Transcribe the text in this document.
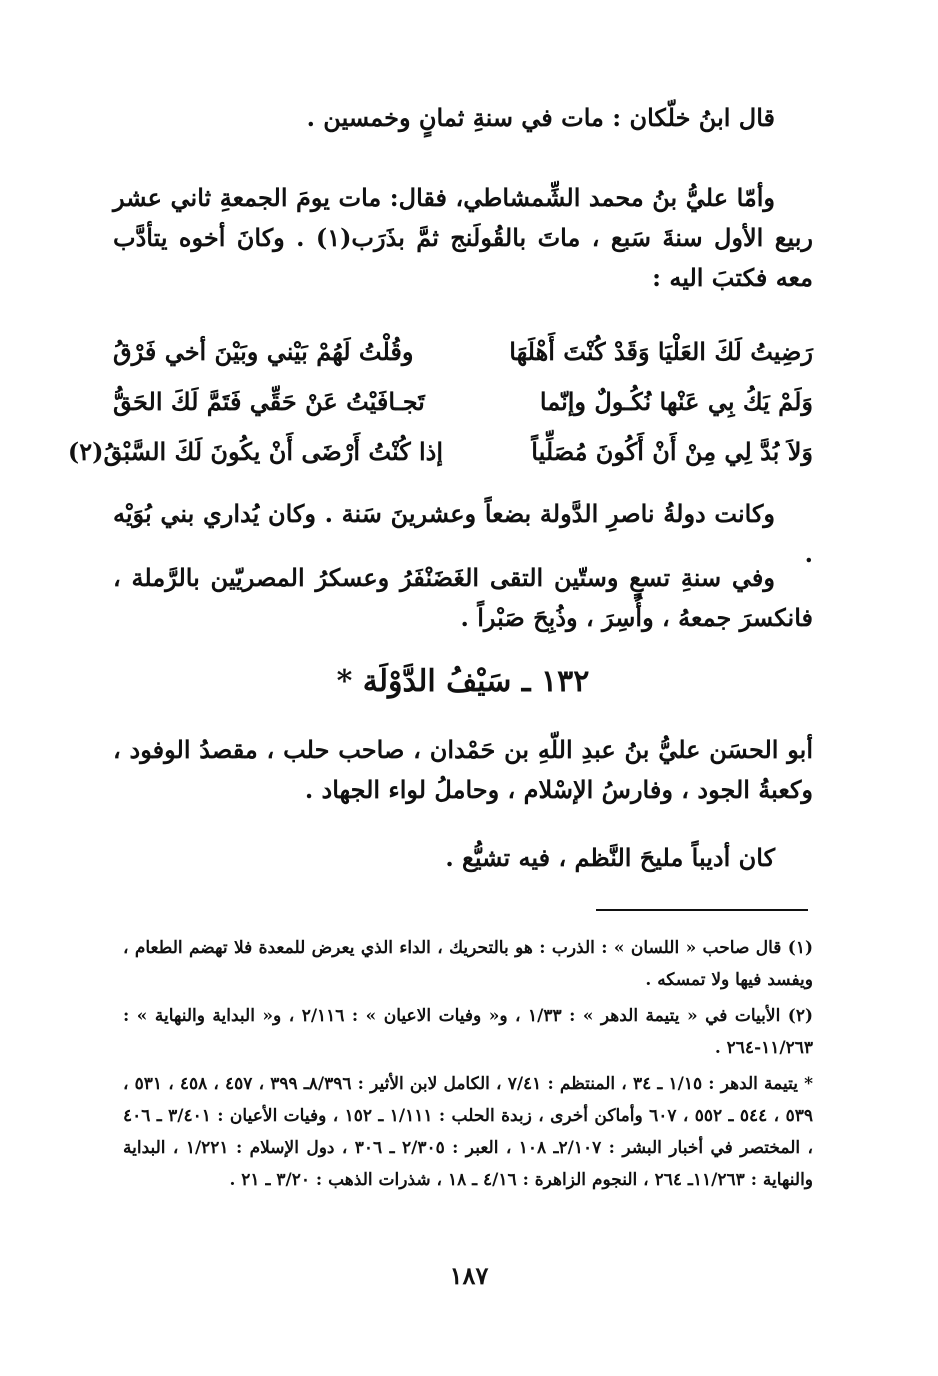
قال ابنُ خلّكان : مات في سنةِ ثمانٍ وخمسين .

وأمّا عليُّ بنُ محمد الشِّمشاطي، فقال: مات يومَ الجمعةِ ثاني عشر ربيع الأول سنةَ سَبع ، ماتَ بالقُولَنج ثمَّ بذَرَب(١) . وكانَ أخوه يتأدَّب معه فكتبَ اليه :

رَضِيتُ لَكَ العَلْيَا وَقَدْ كُنْتَ أَهْلَهَا
وقُلْتُ لَهُمْ بَيْني وبَيْنَ أخي فَرْقُ
وَلَمْ يَكُ بِي عَنْها نُكُـولٌ وإنّما
تَجـافَيْتُ عَنْ حَقِّي فَتَمَّ لَكَ الحَقُّ
وَلاَ بُدَّ لِي مِنْ أَنْ أَكُونَ مُصَلِّياً
إذا كُنْتُ أَرْضَى أَنْ يكُونَ لَكَ السَّبْقُ(٢)

وكانت دولةُ ناصرِ الدَّولة بضعاً وعشرينَ سَنة . وكان يُداري بني بُوَيْه .

وفي سنةِ تسعٍ وستّين التقى الغَضَنْفَرُ وعسكرُ المصريّين بالرَّملة ، فانكسرَ جمعهُ ، وأُسِرَ ، وذُبِحَ صَبْراً .

١٣٢ ـ سَيْفُ الدَّوْلَة *

أبو الحسَن عليُّ بنُ عبدِ اللّهِ بن حَمْدان ، صاحب حلب ، مقصدُ الوفود ، وكعبةُ الجود ، وفارسُ الإسْلام ، وحاملُ لواء الجهاد .

كان أديباً مليحَ النَّظم ، فيه تشيُّع .

(١) قال صاحب « اللسان » : الذرب : هو بالتحريك ، الداء الذي يعرض للمعدة فلا تهضم الطعام ، ويفسد فيها ولا تمسكه .

(٢) الأبيات في « يتيمة الدهر » : ١/٣٣ ، و« وفيات الاعيان » : ٢/١١٦ ، و« البداية والنهاية » : ١١/٢٦٣-٢٦٤ .

* يتيمة الدهر : ١/١٥ ـ ٣٤ ، المنتظم : ٧/٤١ ، الكامل لابن الأثير : ٨/٣٩٦ـ ٣٩٩ ، ٤٥٧ ، ٤٥٨ ، ٥٣١ ، ٥٣٩ ، ٥٤٤ ـ ٥٥٢ ، ٦٠٧ وأماكن أخرى ، زبدة الحلب : ١/١١١ ـ ١٥٢ ، وفيات الأعيان : ٣/٤٠١ ـ ٤٠٦ ، المختصر في أخبار البشر : ٢/١٠٧ـ ١٠٨ ، العبر : ٢/٣٠٥ ـ ٣٠٦ ، دول الإسلام : ١/٢٢١ ، البداية والنهاية : ١١/٢٦٣ـ ٢٦٤ ، النجوم الزاهرة : ٤/١٦ ـ ١٨ ، شذرات الذهب : ٣/٢٠ ـ ٢١ .

١٨٧
